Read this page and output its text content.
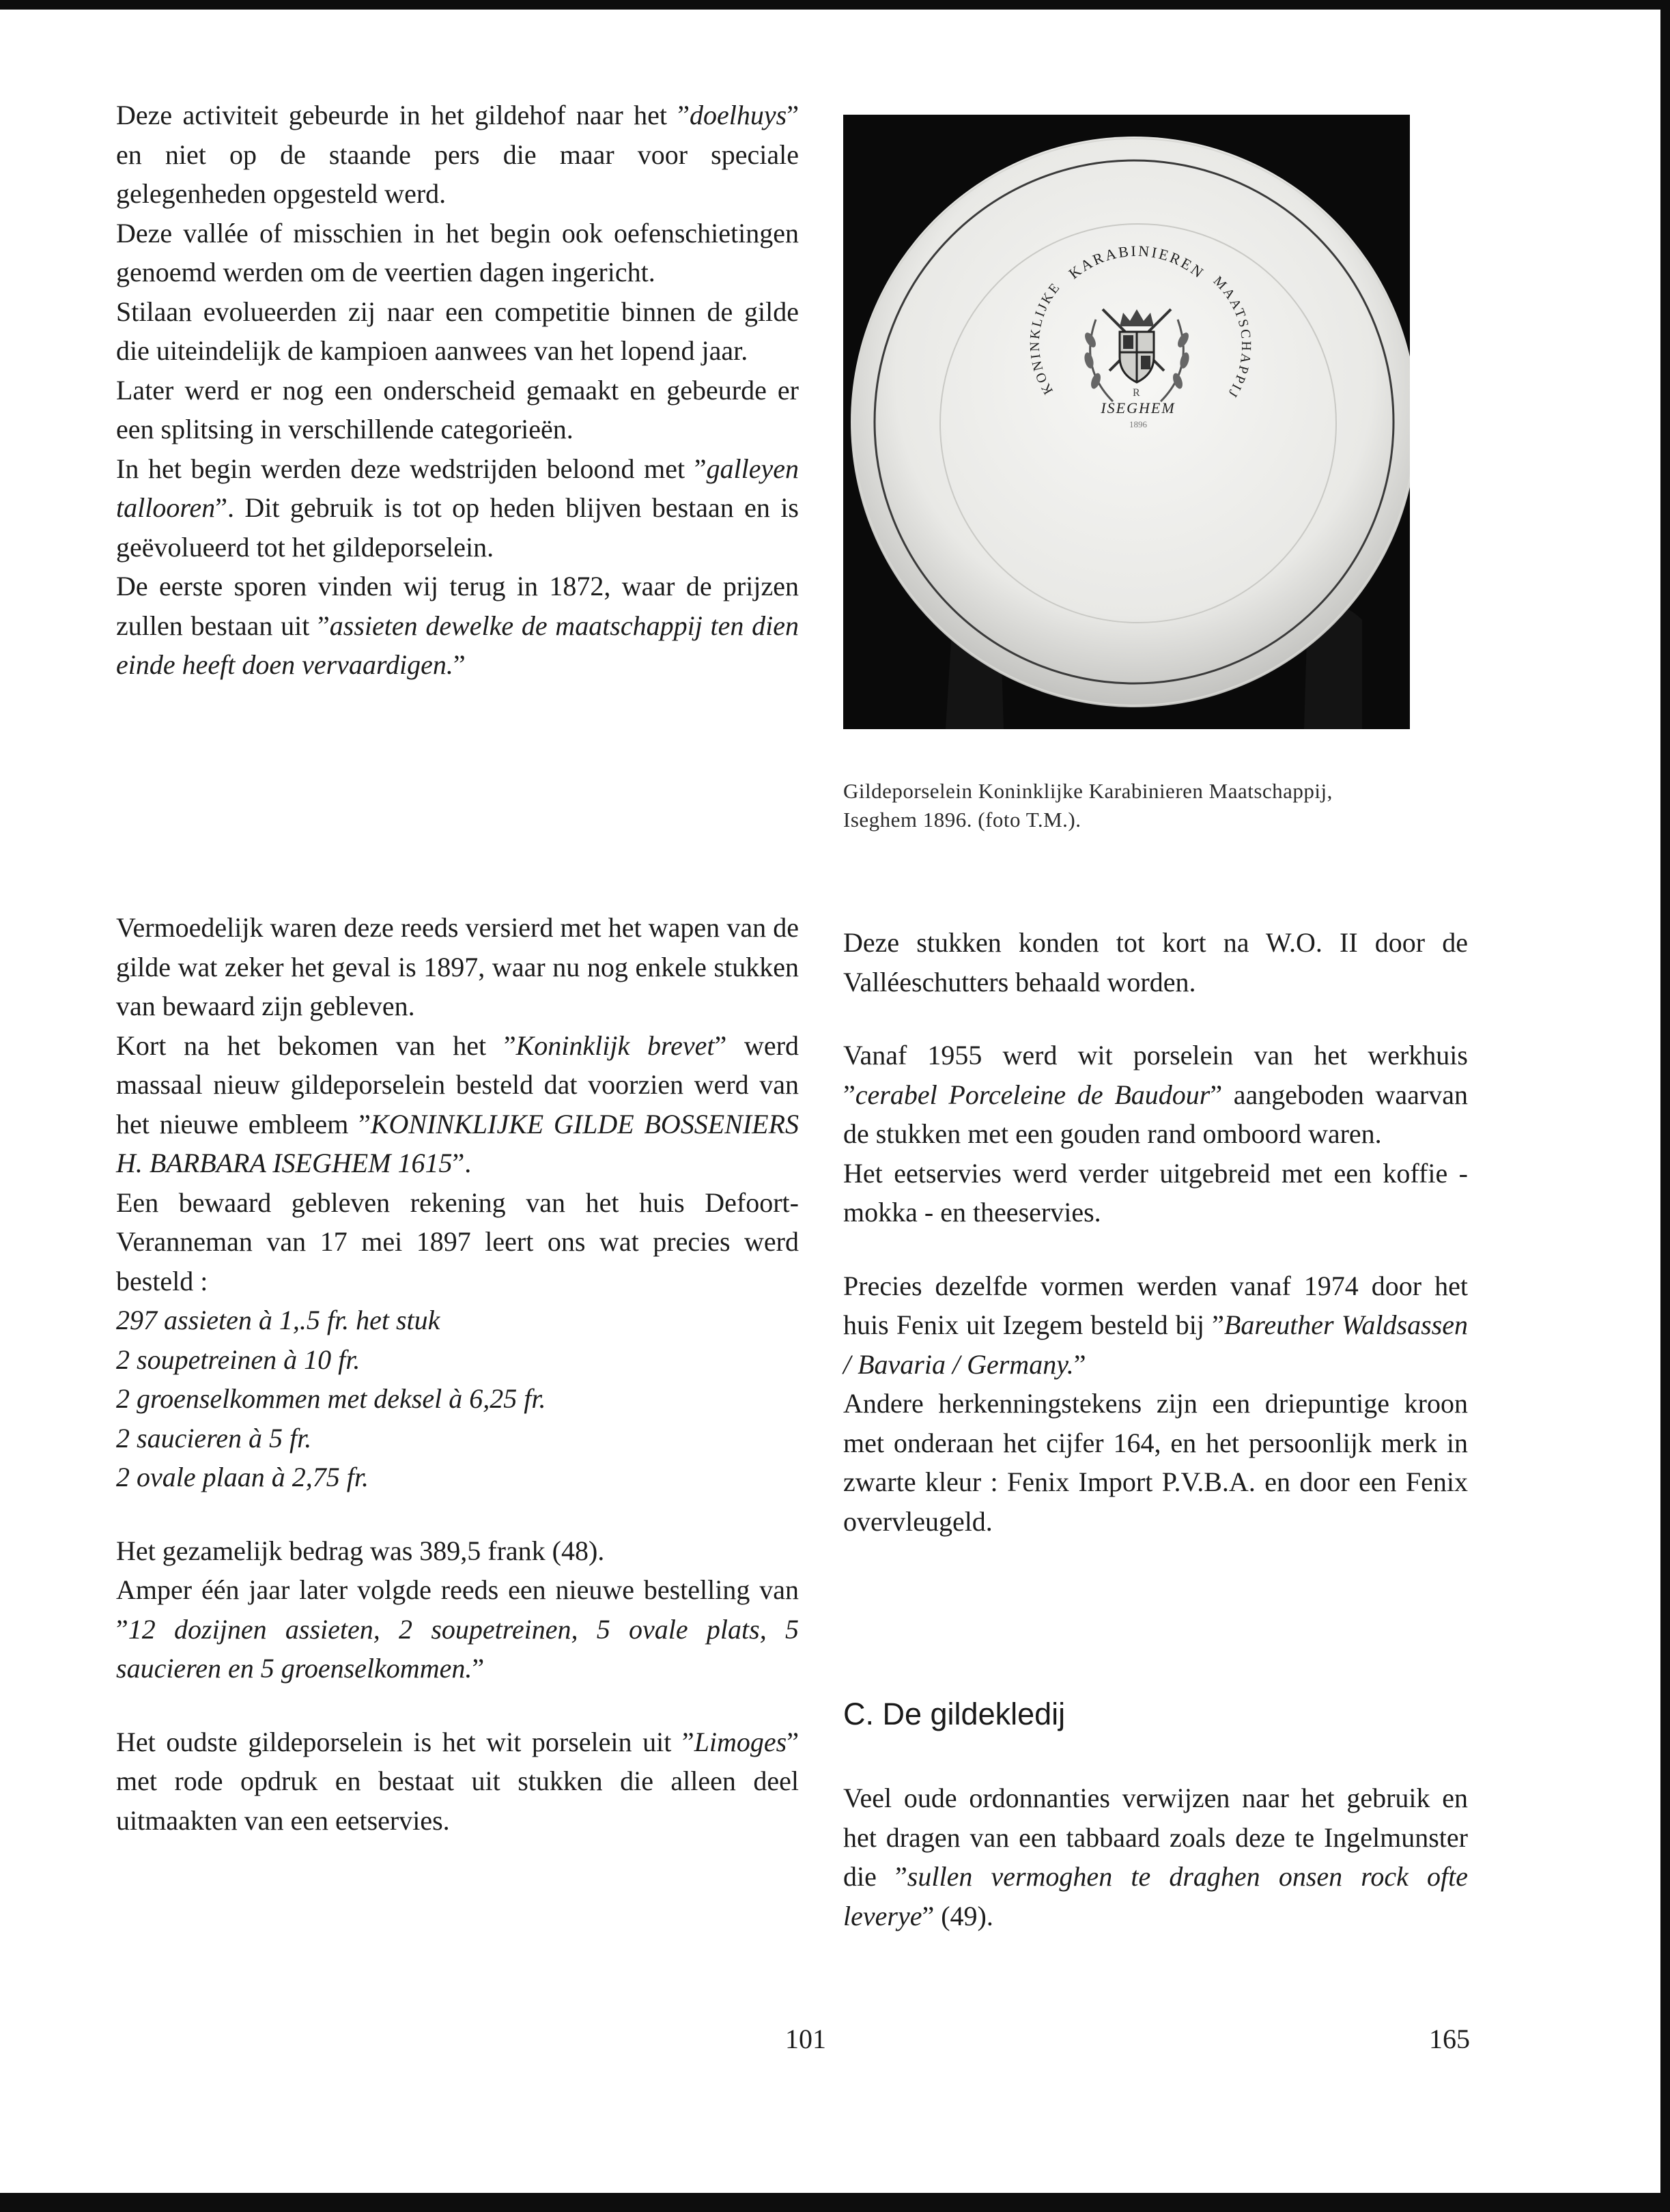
Deze activiteit gebeurde in het gildehof naar het ”doelhuys” en niet op de staande pers die maar voor speciale gelegenheden opgesteld werd.

Deze vallée of misschien in het begin ook oefenschietingen genoemd werden om de veertien dagen ingericht.

Stilaan evolueerden zij naar een competitie binnen de gilde die uiteindelijk de kampioen aanwees van het lopend jaar.

Later werd er nog een onderscheid gemaakt en gebeurde er een splitsing in verschillende categorieën.

In het begin werden deze wedstrijden beloond met ”galleyen tallooren”. Dit gebruik is tot op heden blijven bestaan en is geëvolueerd tot het gildeporselein.

De eerste sporen vinden wij terug in 1872, waar de prijzen zullen bestaan uit ”assieten dewelke de maatschappij ten dien einde heeft doen vervaardigen.”

Vermoedelijk waren deze reeds versierd met het wapen van de gilde wat zeker het geval is 1897, waar nu nog enkele stukken van bewaard zijn gebleven.

Kort na het bekomen van het ”Koninklijk brevet” werd massaal nieuw gildeporselein besteld dat voorzien werd van het nieuwe embleem ”KONINKLIJKE GILDE BOSSENIERS H. BARBARA ISEGHEM 1615”.

Een bewaard gebleven rekening van het huis Defoort-Veranneman van 17 mei 1897 leert ons wat precies werd besteld :

297 assieten à 1,.5 fr. het stuk
2 soupetreinen à 10 fr.
2 groenselkommen met deksel à 6,25 fr.
2 saucieren à 5 fr.
2 ovale plaan à 2,75 fr.

Het gezamelijk bedrag was 389,5 frank (48).

Amper één jaar later volgde reeds een nieuwe bestelling van ”12 dozijnen assieten, 2 soupetreinen, 5 ovale plats, 5 saucieren en 5 groenselkommen.”

Het oudste gildeporselein is het wit porselein uit ”Limoges” met rode opdruk en bestaat uit stukken die alleen deel uitmaakten van een eetservies.

KARABINIEREN
KONINKLIJKE	MAATSCHAPPIJ
R
ISEGHEM
1896

Gildeporselein Koninklijke Karabinieren Maatschappij,

Iseghem 1896. (foto T.M.).

Deze stukken konden tot kort na W.O. II door de Valléeschutters behaald worden.

Vanaf 1955 werd wit porselein van het werkhuis ”cerabel Porceleine de Baudour” aangeboden waarvan de stukken met een gouden rand omboord waren.

Het eetservies werd verder uitgebreid met een koffie - mokka - en theeservies.

Precies dezelfde vormen werden vanaf 1974 door het huis Fenix uit Izegem besteld bij ”Bareuther Waldsassen / Bavaria / Germany.”

Andere herkenningstekens zijn een driepuntige kroon met onderaan het cijfer 164, en het persoonlijk merk in zwarte kleur : Fenix Import P.V.B.A. en door een Fenix overvleugeld.

C. De gildekledij

Veel oude ordonnanties verwijzen naar het gebruik en het dragen van een tabbaard zoals deze te Ingelmunster die ”sullen vermoghen te draghen onsen rock ofte leverye” (49).

101	165
